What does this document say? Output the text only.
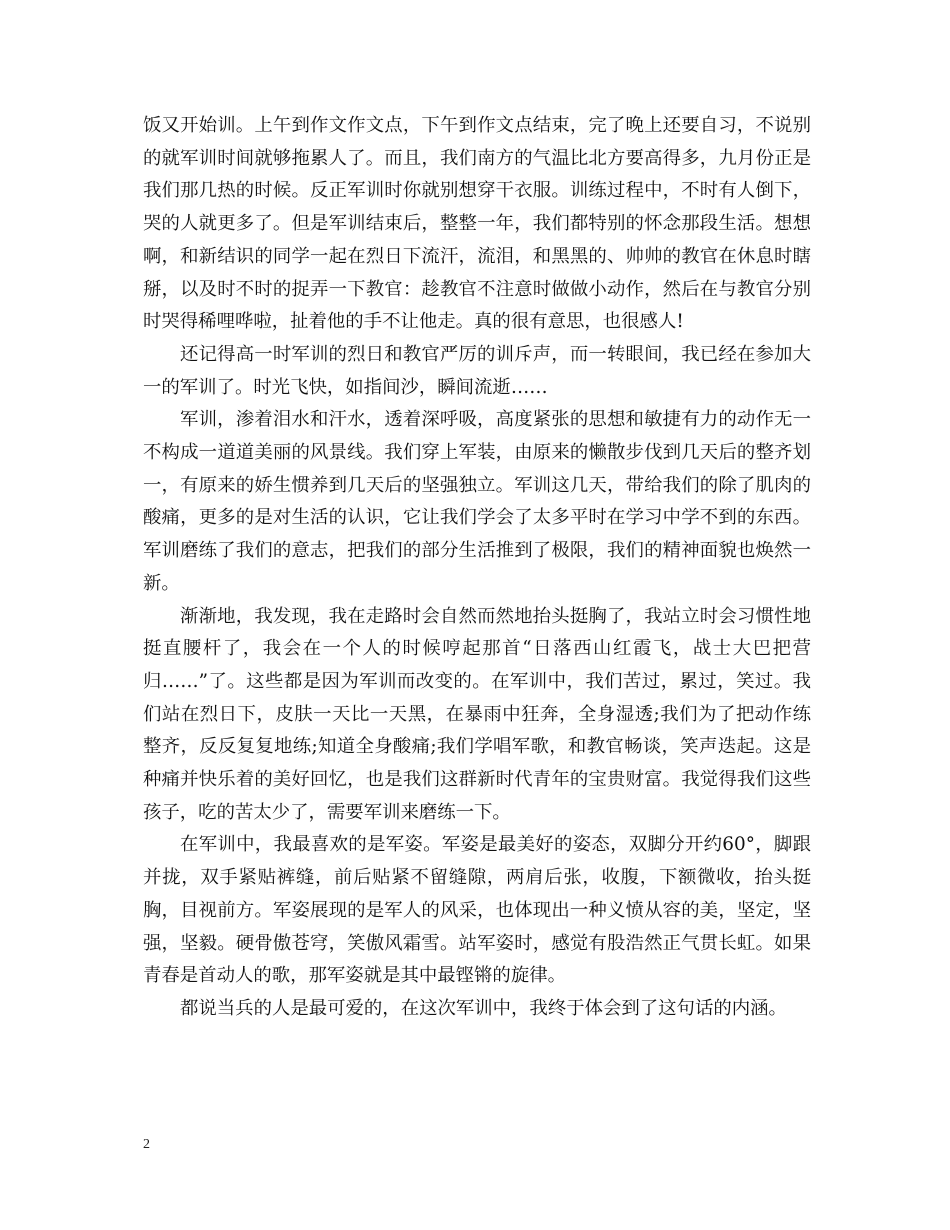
饭又开始训。上午到作文作文点，下午到作文点结束，完了晚上还要自习，不说别的就军训时间就够拖累人了。而且，我们南方的气温比北方要高得多，九月份正是我们那几热的时候。反正军训时你就别想穿干衣服。训练过程中，不时有人倒下，哭的人就更多了。但是军训结束后，整整一年，我们都特别的怀念那段生活。想想啊，和新结识的同学一起在烈日下流汗，流泪，和黑黑的、帅帅的教官在休息时瞎掰，以及时不时的捉弄一下教官：趁教官不注意时做做小动作，然后在与教官分别时哭得稀哩哗啦，扯着他的手不让他走。真的很有意思，也很感人!

还记得高一时军训的烈日和教官严厉的训斥声，而一转眼间，我已经在参加大一的军训了。时光飞快，如指间沙，瞬间流逝……

军训，渗着泪水和汗水，透着深呼吸，高度紧张的思想和敏捷有力的动作无一不构成一道道美丽的风景线。我们穿上军装，由原来的懒散步伐到几天后的整齐划一，有原来的娇生惯养到几天后的坚强独立。军训这几天，带给我们的除了肌肉的酸痛，更多的是对生活的认识，它让我们学会了太多平时在学习中学不到的东西。军训磨练了我们的意志，把我们的部分生活推到了极限，我们的精神面貌也焕然一新。

渐渐地，我发现，我在走路时会自然而然地抬头挺胸了，我站立时会习惯性地挺直腰杆了，我会在一个人的时候哼起那首“日落西山红霞飞，战士大巴把营归……”了。这些都是因为军训而改变的。在军训中，我们苦过，累过，笑过。我们站在烈日下，皮肤一天比一天黑，在暴雨中狂奔，全身湿透;我们为了把动作练整齐，反反复复地练;知道全身酸痛;我们学唱军歌，和教官畅谈，笑声迭起。这是种痛并快乐着的美好回忆，也是我们这群新时代青年的宝贵财富。我觉得我们这些孩子，吃的苦太少了，需要军训来磨练一下。

在军训中，我最喜欢的是军姿。军姿是最美好的姿态，双脚分开约60°，脚跟并拢，双手紧贴裤缝，前后贴紧不留缝隙，两肩后张，收腹，下额微收，抬头挺胸，目视前方。军姿展现的是军人的风采，也体现出一种义愤从容的美，坚定，坚强，坚毅。硬骨傲苍穹，笑傲风霜雪。站军姿时，感觉有股浩然正气贯长虹。如果青春是首动人的歌，那军姿就是其中最铿锵的旋律。

都说当兵的人是最可爱的，在这次军训中，我终于体会到了这句话的内涵。

2
